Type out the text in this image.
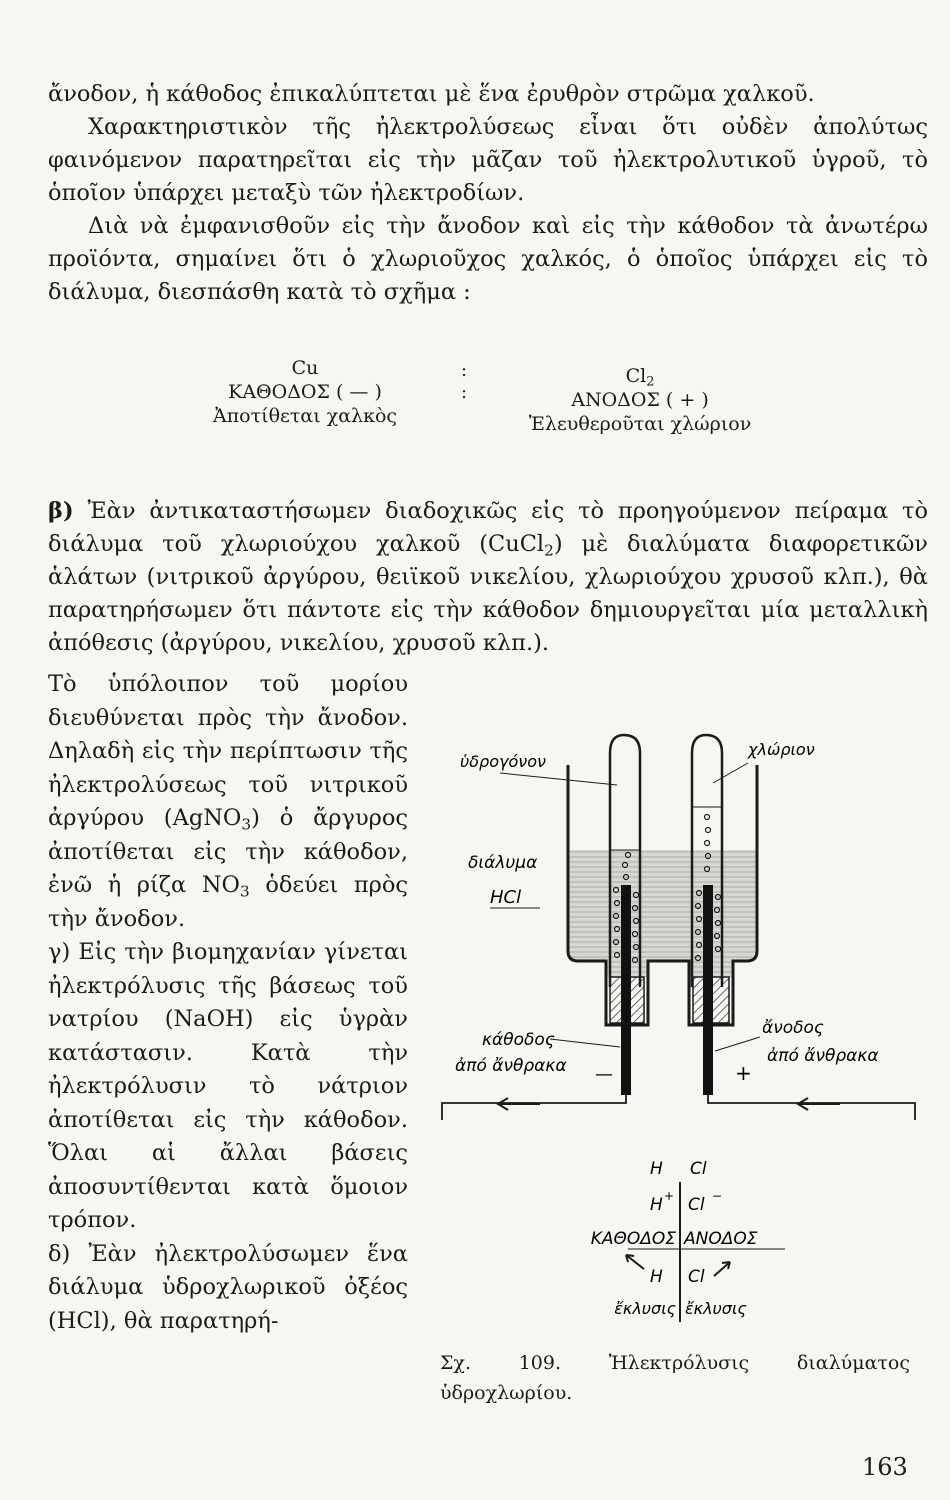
ἄνοδον, ἡ κάθοδος ἐπικαλύπτεται μὲ ἕνα ἐρυθρὸν στρῶμα χαλκοῦ.

Χαρακτηριστικὸν τῆς ἠλεκτρολύσεως εἶναι ὅτι οὐδὲν ἀπολύτως φαινόμενον παρατηρεῖται εἰς τὴν μᾶζαν τοῦ ἠλεκτρολυτικοῦ ὑγροῦ, τὸ ὁποῖον ὑπάρχει μεταξὺ τῶν ἠλεκτροδίων.

Διὰ νὰ ἐμφανισθοῦν εἰς τὴν ἄνοδον καὶ εἰς τὴν κάθοδον τὰ ἀνωτέρω προϊόντα, σημαίνει ὅτι ὁ χλωριοῦχος χαλκός, ὁ ὁποῖος ὑπάρχει εἰς τὸ διάλυμα, διεσπάσθη κατὰ τὸ σχῆμα :

Cu
ΚΑΘΟΔΟΣ ( — )
Ἀποτίθεται χαλκὸς
:
:
$Cl_2$
ΑΝΟΔΟΣ ( + )
Ἐλευθεροῦται χλώριον

β) Ἐὰν ἀντικαταστήσωμεν διαδοχικῶς εἰς τὸ προηγούμενον πείραμα τὸ διάλυμα τοῦ χλωριούχου χαλκοῦ (CuCl$_2$) μὲ διαλύματα διαφορετικῶν ἁλάτων (νιτρικοῦ ἀργύρου, θειϊκοῦ νικελίου, χλωριούχου χρυσοῦ κλπ.), θὰ παρατηρήσωμεν ὅτι πάντοτε εἰς τὴν κάθοδον δημιουργεῖται μία μεταλλικὴ ἀπόθεσις (ἀργύρου, νικελίου, χρυσοῦ κλπ.).

Τὸ ὑπόλοιπον τοῦ μορίου διευθύνεται πρὸς τὴν ἄνοδον. Δηλαδὴ εἰς τὴν περίπτωσιν τῆς ἠλεκτρολύσεως τοῦ νιτρικοῦ ἀργύρου (AgNO$_3$) ὁ ἄργυρος ἀποτίθεται εἰς τὴν κάθοδον, ἐνῶ ἡ ρίζα $NO_3$ ὁδεύει πρὸς τὴν ἄνοδον.

γ) Εἰς τὴν βιομηχανίαν γίνεται ἠλεκτρόλυσις τῆς βάσεως τοῦ νατρίου (NaOH) εἰς ὑγρὰν κατάστασιν. Κατὰ τὴν ἠλεκτρόλυσιν τὸ νάτριον ἀποτίθεται εἰς τὴν κάθοδον. Ὅλαι αἱ ἄλλαι βάσεις ἀποσυντίθενται κατὰ ὅμοιον τρόπον.

δ) Ἐὰν ἠλεκτρολύσωμεν ἕνα διάλυμα ὑδροχλωρικοῦ ὀξέος (HCl), θὰ παρατηρή-

ὑδρογόνον
χλώριον
διάλυμα
HCl
κάθοδος
ἀπό ἄνθρακα
ἄνοδος
ἀπό ἄνθρακα
—	+
H Cl
H + Cl −
ΚΑΘΟΔΟΣ ΑΝΟΔΟΣ
H Cl
ἔκλυσις ἔκλυσις
Σχ. 109. Ἠλεκτρόλυσις διαλύματος ὑδροχλωρίου.
163
